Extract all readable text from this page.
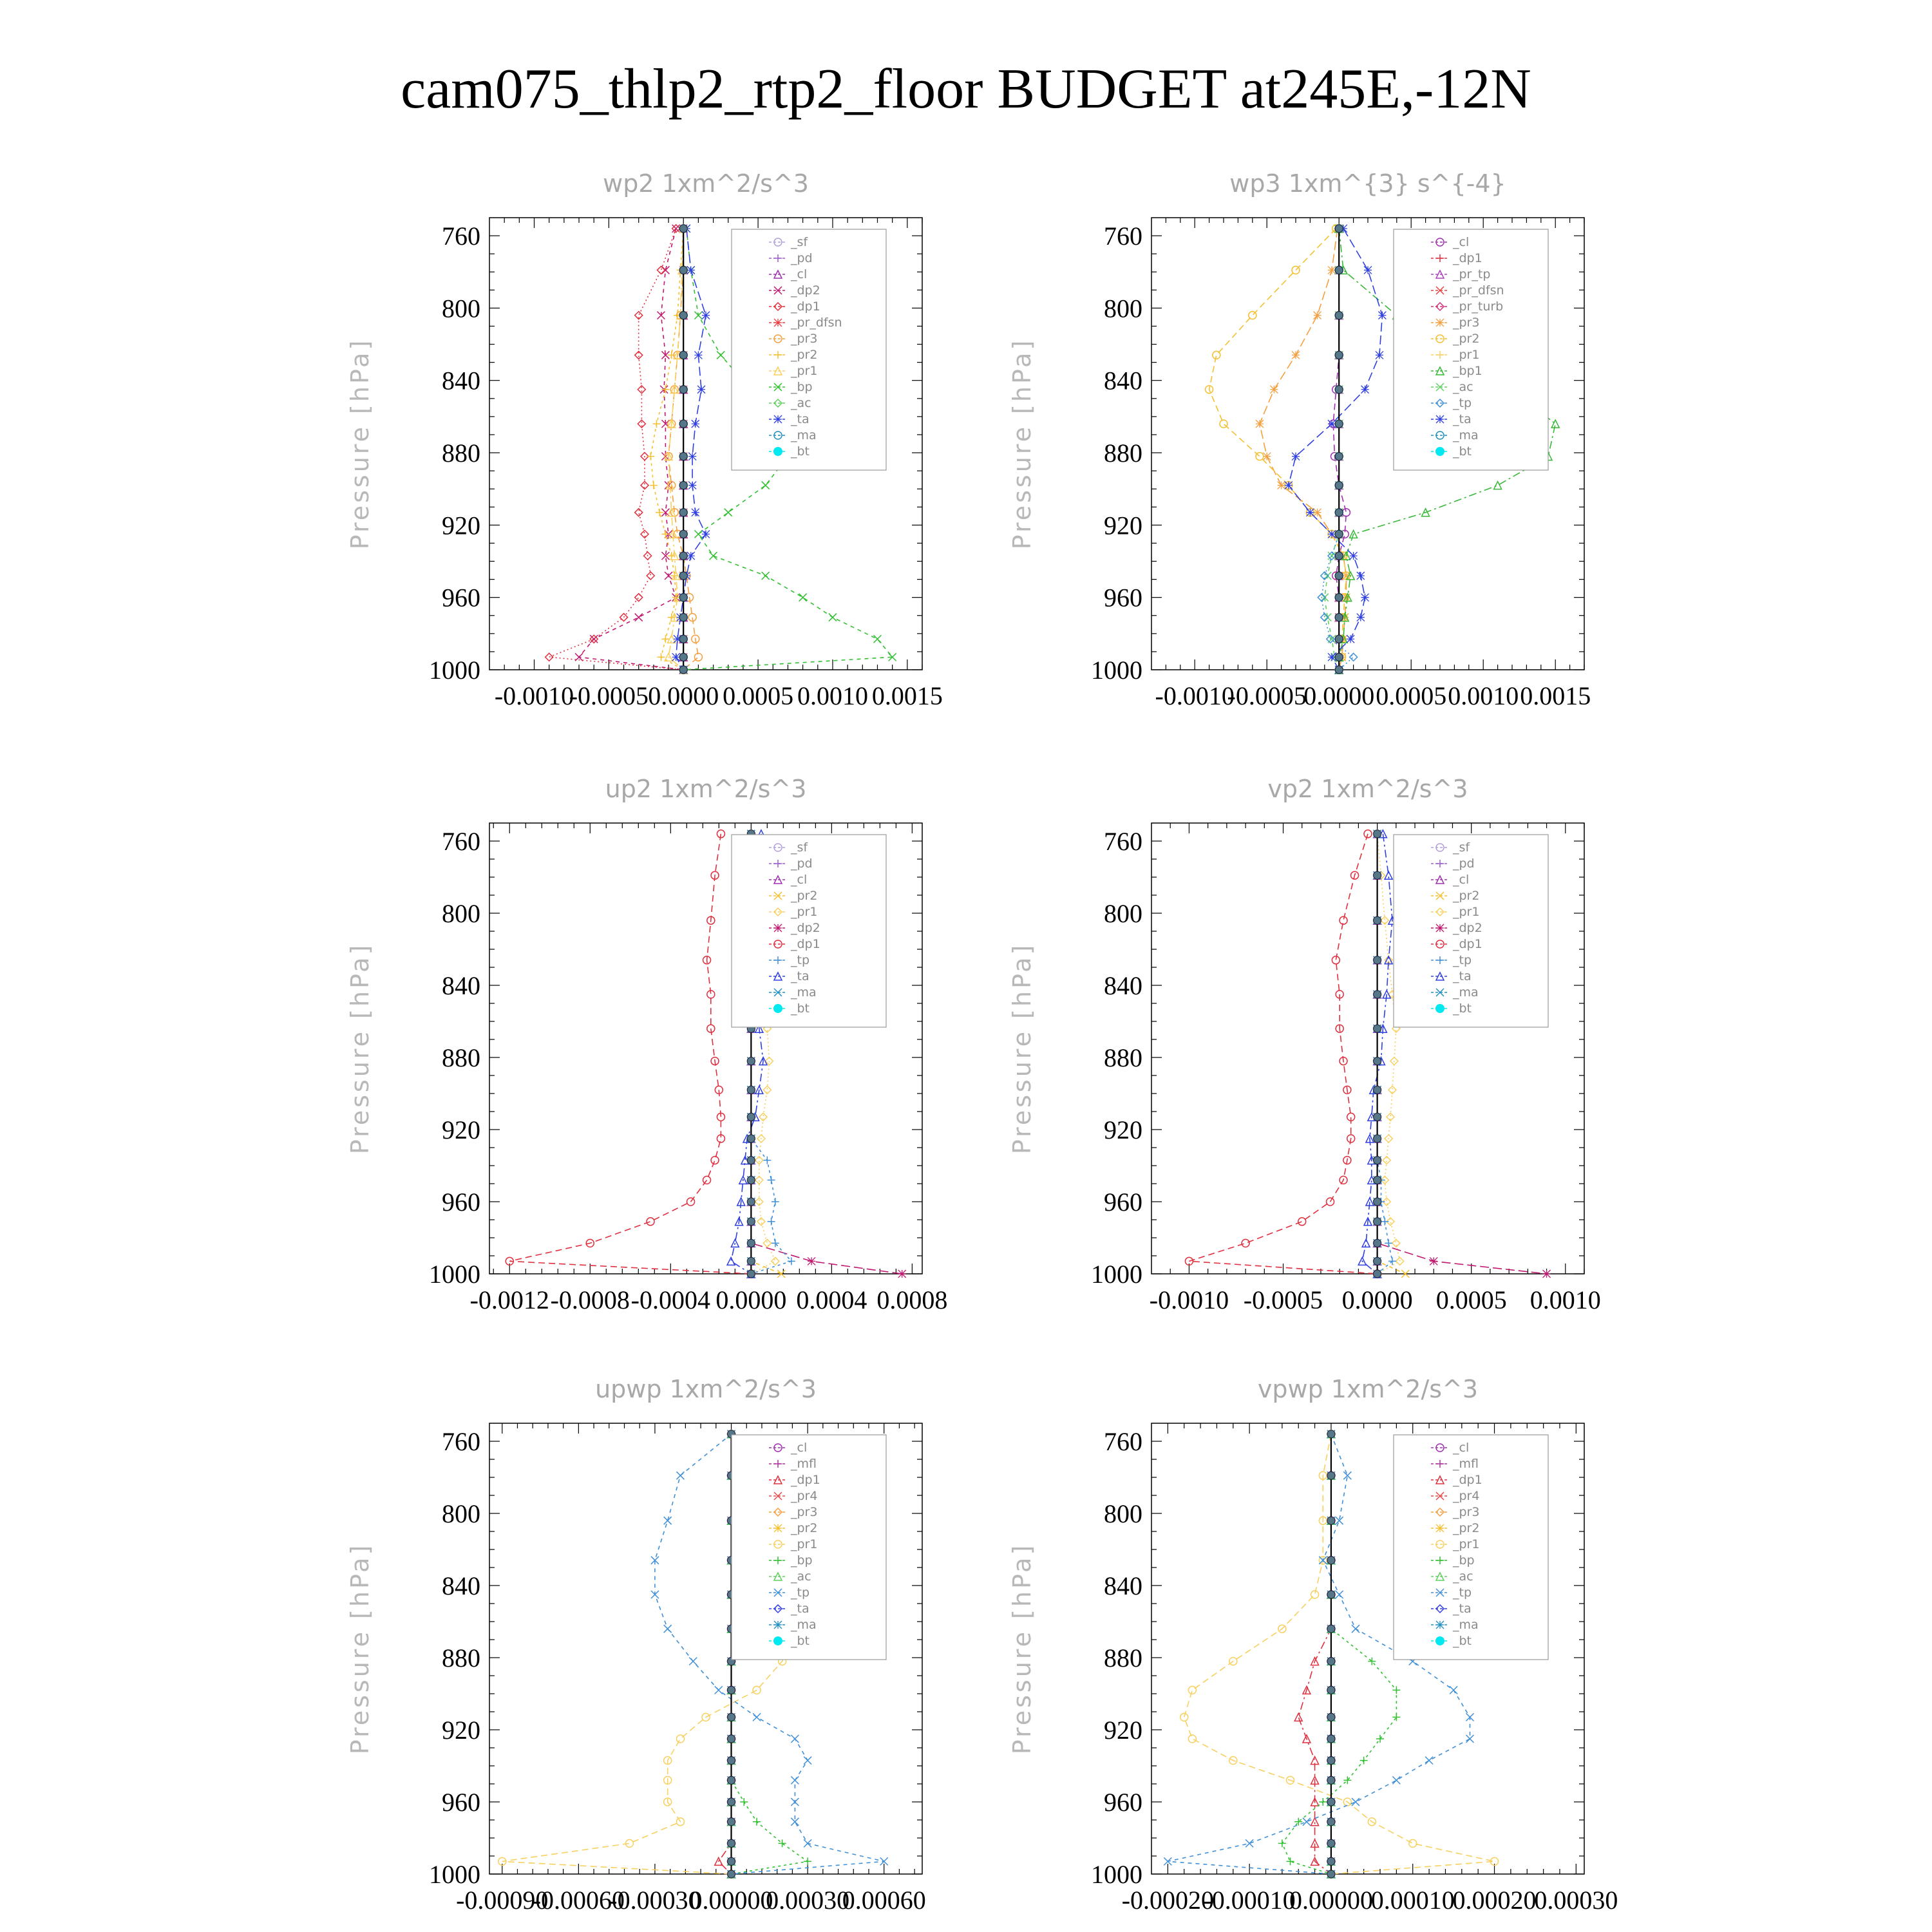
cam075_thlp2_rtp2_floor BUDGET at245E,-12N
wp2 1xm^2/s^3
Pressure [hPa]
760
800
840
880
920
960
1000
-0.0010
-0.0005 0.0000 0.0005 0.0010 0.0015
_sf
_pd
_cl
_dp2
_dp1
_pr_dfsn
_pr3
_pr2
_pr1
_bp
_ac
_ta
_ma
_bt
wp3 1xm^{3} s^{-4}
Pressure [hPa]
760
800
840
880
920
960
1000
-0.0010
-0.0005
0.0000 0.0005 0.0010 0.0015
_cl
_dp1
_pr_tp
_pr_dfsn
_pr_turb
_pr3
_pr2
_pr1
_bp1
_ac
_tp
_ta
_ma
_bt
up2 1xm^2/s^3
Pressure [hPa]
760
800
840
880
920
960
1000
-0.0012 -0.0008 -0.0004 0.0000 0.0004 0.0008
_sf
_pd
_cl
_pr2
_pr1
_dp2
_dp1
_tp
_ta
_ma
_bt
vp2 1xm^2/s^3
Pressure [hPa]
760
800
840
880
920
960
1000
-0.0010 -0.0005 0.0000 0.0005 0.0010
_sf
_pd
_cl
_pr2
_pr1
_dp2
_dp1
_tp
_ta
_ma
_bt
upwp 1xm^2/s^3
Pressure [hPa]
760
800
840
880
920
960
1000
-0.00090
-0.00060
-0.00030
0.00000
0.00030
0.00060
_cl
_mfl
_dp1
_pr4
_pr3
_pr2
_pr1
_bp
_ac
_tp
_ta
_ma
_bt
vpwp 1xm^2/s^3
Pressure [hPa]
760
800
840
880
920
960
1000
-0.00020
-0.00010
0.00000
0.00010
0.00020
0.00030
_cl
_mfl
_dp1
_pr4
_pr3
_pr2
_pr1
_bp
_ac
_tp
_ta
_ma
_bt
